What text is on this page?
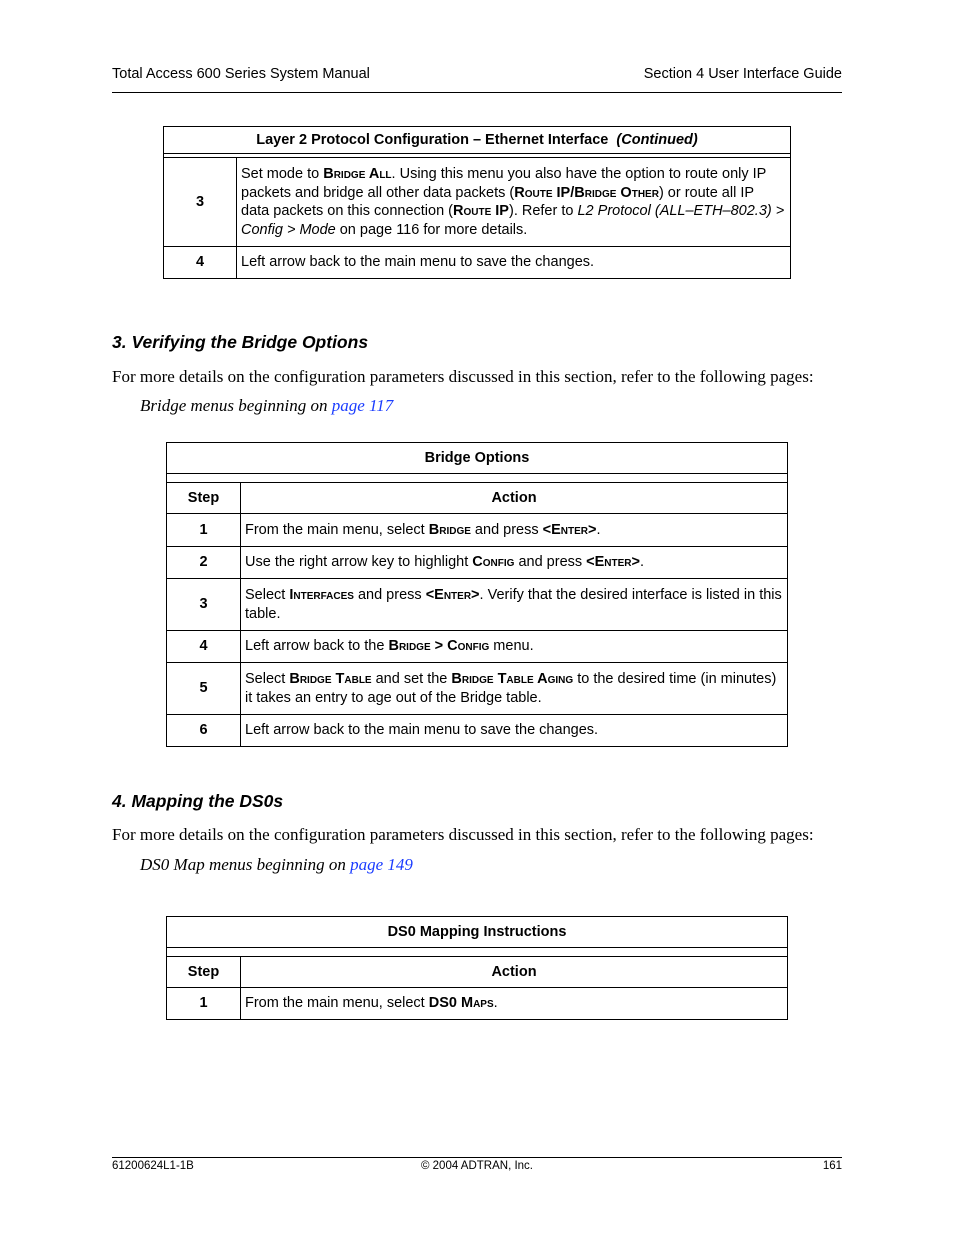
Total Access 600 Series System Manual	Section 4 User Interface Guide
Layer 2 Protocol Configuration – Ethernet Interface (Continued)	

3	Set mode to Bridge All. Using this menu you also have the option to route only IP packets and bridge all other data packets (Route IP/Bridge Other) or route all IP data packets on this connection (Route IP). Refer to L2 Protocol (ALL–ETH–802.3) > Config > Mode on page 116 for more details.
4	Left arrow back to the main menu to save the changes.
3. Verifying the Bridge Options

For more details on the configuration parameters discussed in this section, refer to the following pages:

Bridge menus beginning on page 117

Bridge Options	

Step	Action
1	From the main menu, select Bridge and press <Enter>.
2	Use the right arrow key to highlight Config and press <Enter>.
3	Select Interfaces and press <Enter>. Verify that the desired interface is listed in this table.
4	Left arrow back to the Bridge > Config menu.
5	Select Bridge Table and set the Bridge Table Aging to the desired time (in minutes) it takes an entry to age out of the Bridge table.
6	Left arrow back to the main menu to save the changes.
4. Mapping the DS0s

For more details on the configuration parameters discussed in this section, refer to the following pages:

DS0 Map menus beginning on page 149

DS0 Mapping Instructions	

Step	Action
1	From the main menu, select DS0 Maps.
61200624L1-1B	© 2004 ADTRAN, Inc.	161
